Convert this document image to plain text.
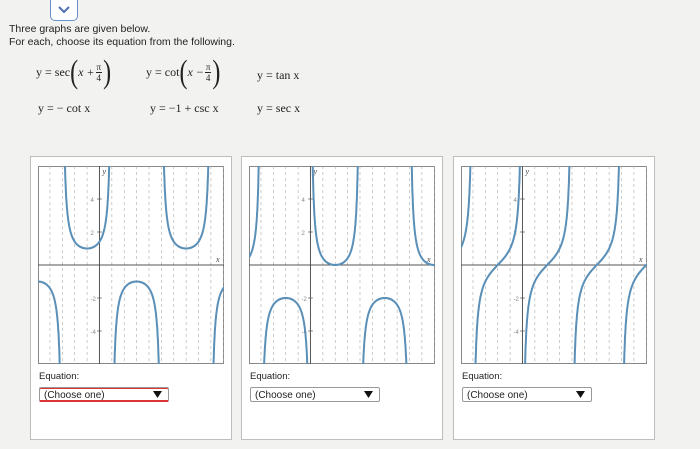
Three graphs are given below.
For each, choose its equation from the following.
y = sec ( $x + \frac{\pi}{4}$ )	y = cot ( $x - \frac{\pi}{4}$ )	y = tan x
y = − cot x	y = −1 + csc x	y = sec x
x
y
4
2
-2
-4
Equation:
(Choose one)
x
y
4
2
-2
-4
Equation:
(Choose one)
x
y
4
2
-2
-4
Equation:
(Choose one)
